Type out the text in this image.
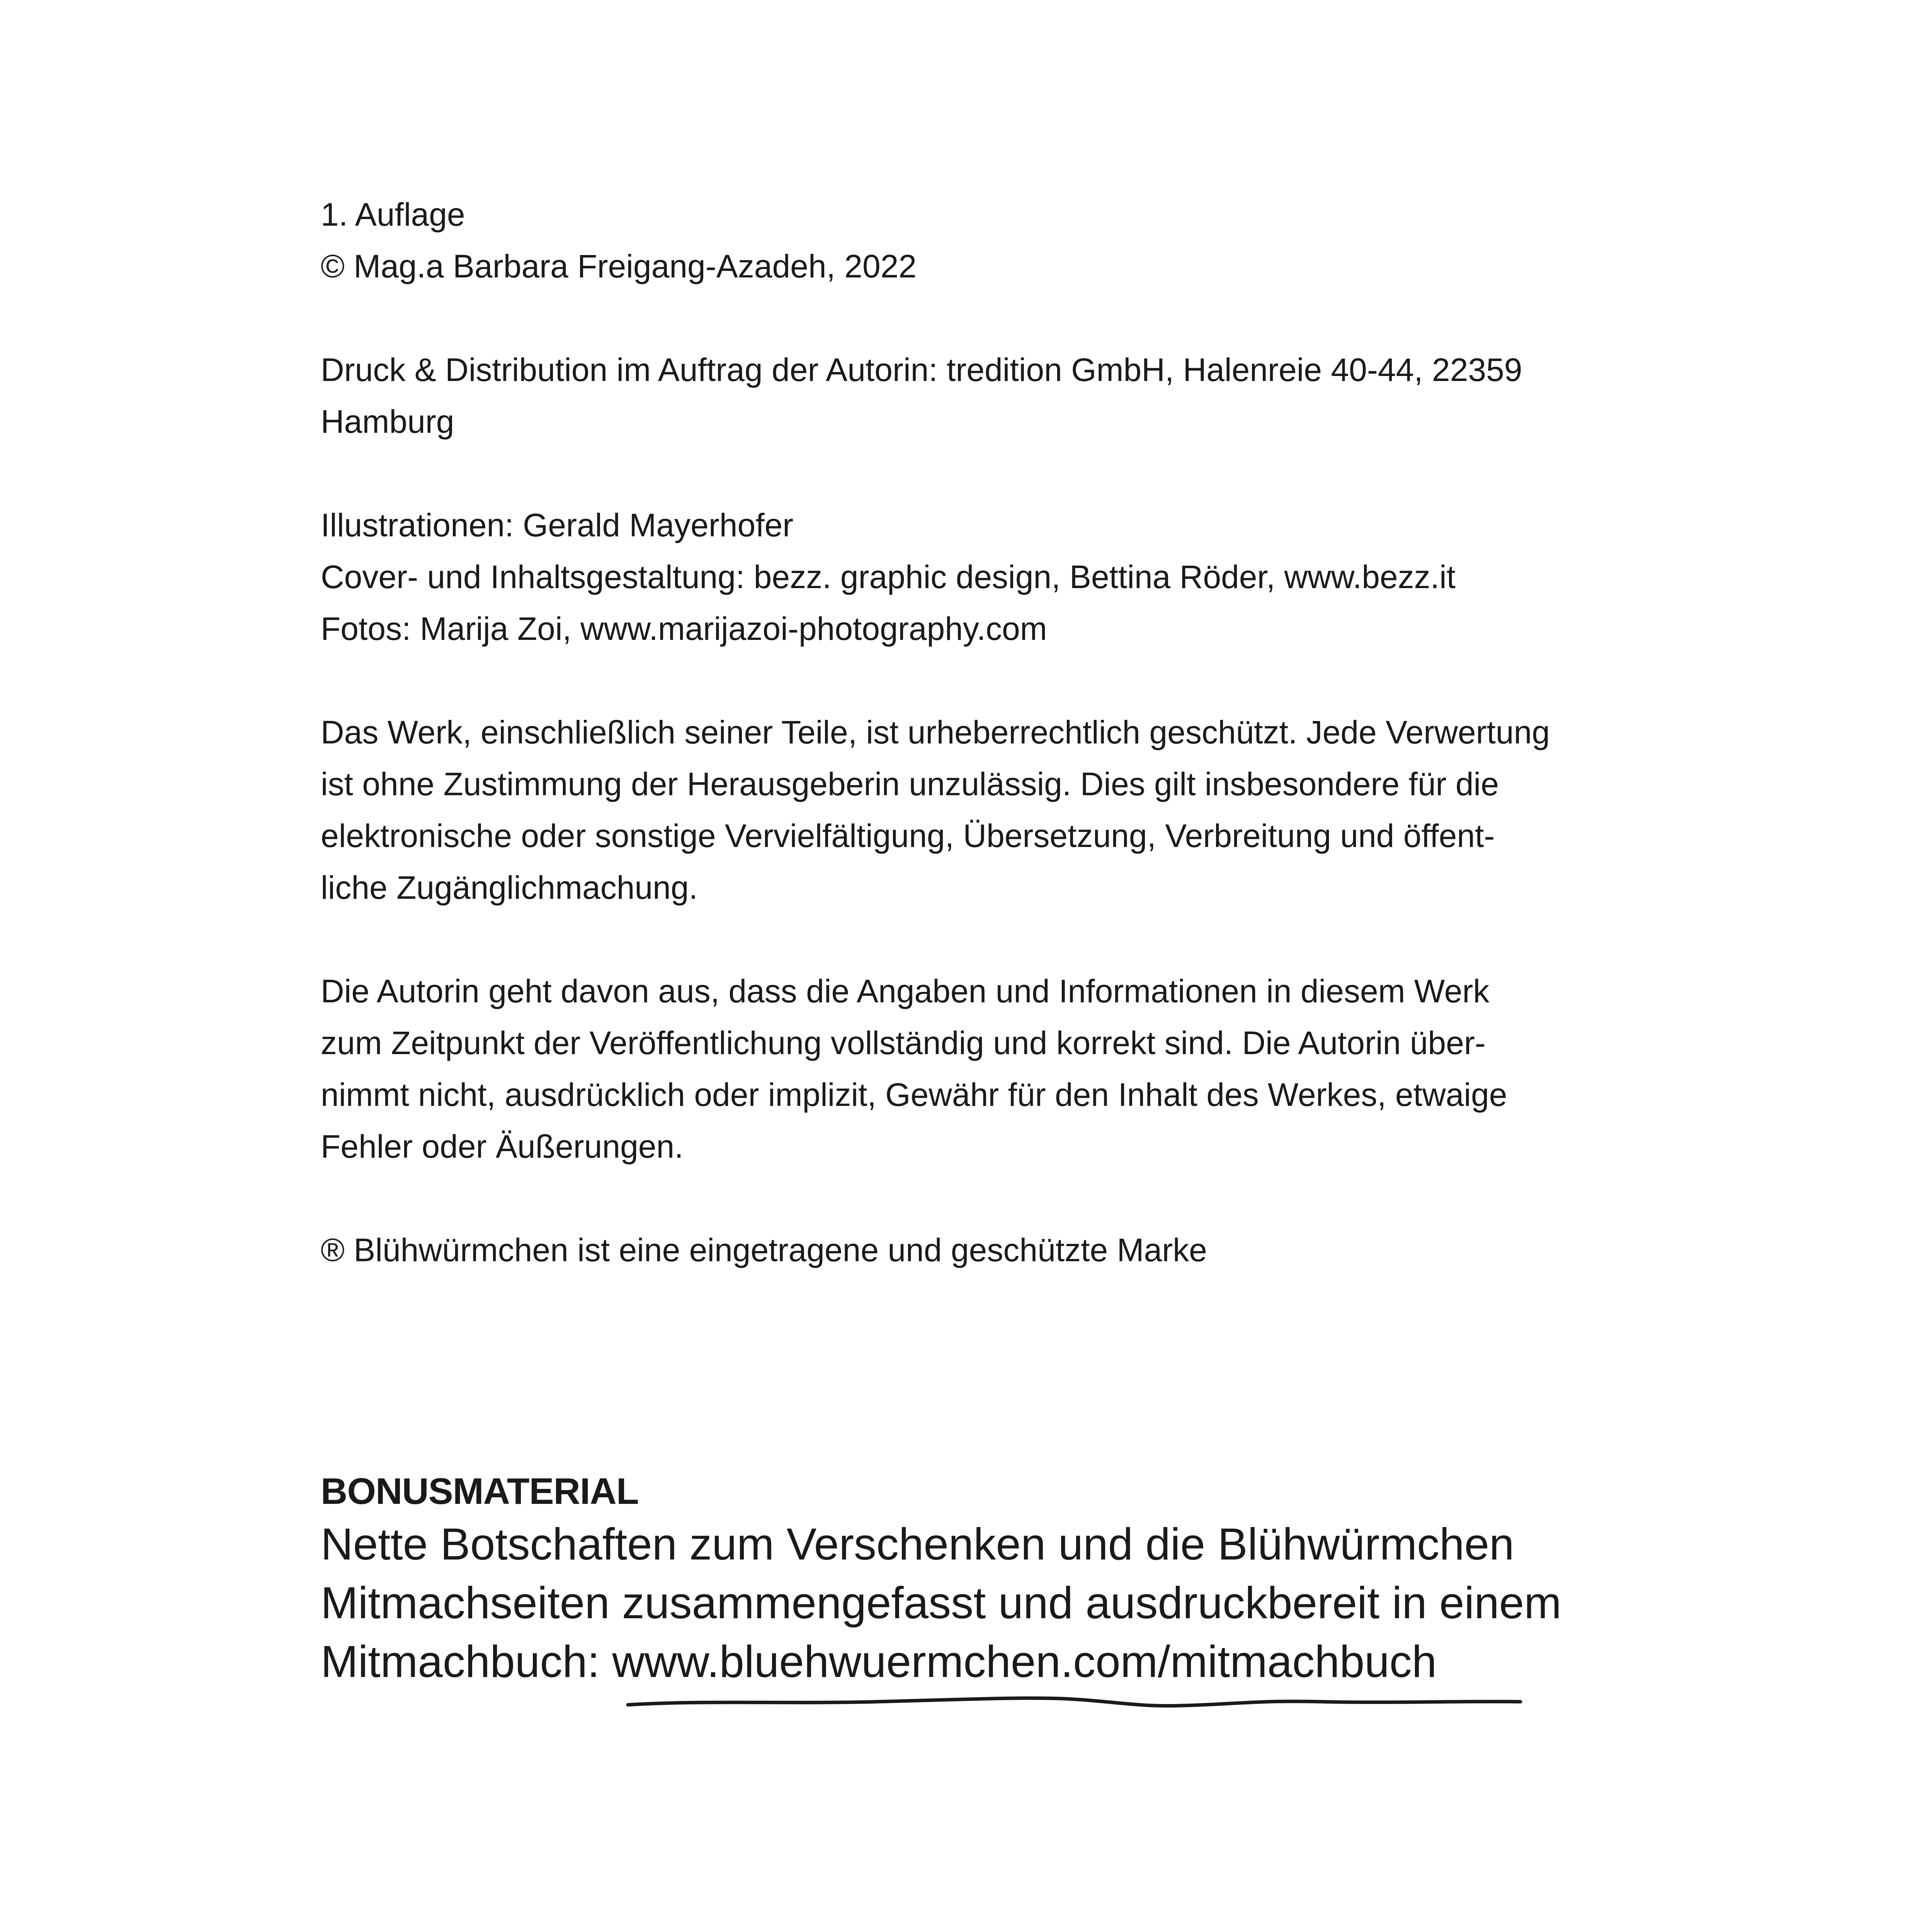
1. Auflage
© Mag.a Barbara Freigang-Azadeh, 2022

Druck & Distribution im Auftrag der Autorin: tredition GmbH, Halenreie 40-44, 22359
Hamburg

Illustrationen: Gerald Mayerhofer
Cover- und Inhaltsgestaltung: bezz. graphic design, Bettina Röder, www.bezz.it
Fotos: Marija Zoi, www.marijazoi-photography.com

Das Werk, einschließlich seiner Teile, ist urheberrechtlich geschützt. Jede Verwertung
ist ohne Zustimmung der Herausgeberin unzulässig. Dies gilt insbesondere für die
elektronische oder sonstige Vervielfältigung, Übersetzung, Verbreitung und öffent-
liche Zugänglichmachung.

Die Autorin geht davon aus, dass die Angaben und Informationen in diesem Werk
zum Zeitpunkt der Veröffentlichung vollständig und korrekt sind. Die Autorin über-
nimmt nicht, ausdrücklich oder implizit, Gewähr für den Inhalt des Werkes, etwaige
Fehler oder Äußerungen.

® Blühwürmchen ist eine eingetragene und geschützte Marke

BONUSMATERIAL

Nette Botschaften zum Verschenken und die Blühwürmchen
Mitmachseiten zusammengefasst und ausdruckbereit in einem
Mitmachbuch: www.bluehwuermchen.com/mitmachbuch
